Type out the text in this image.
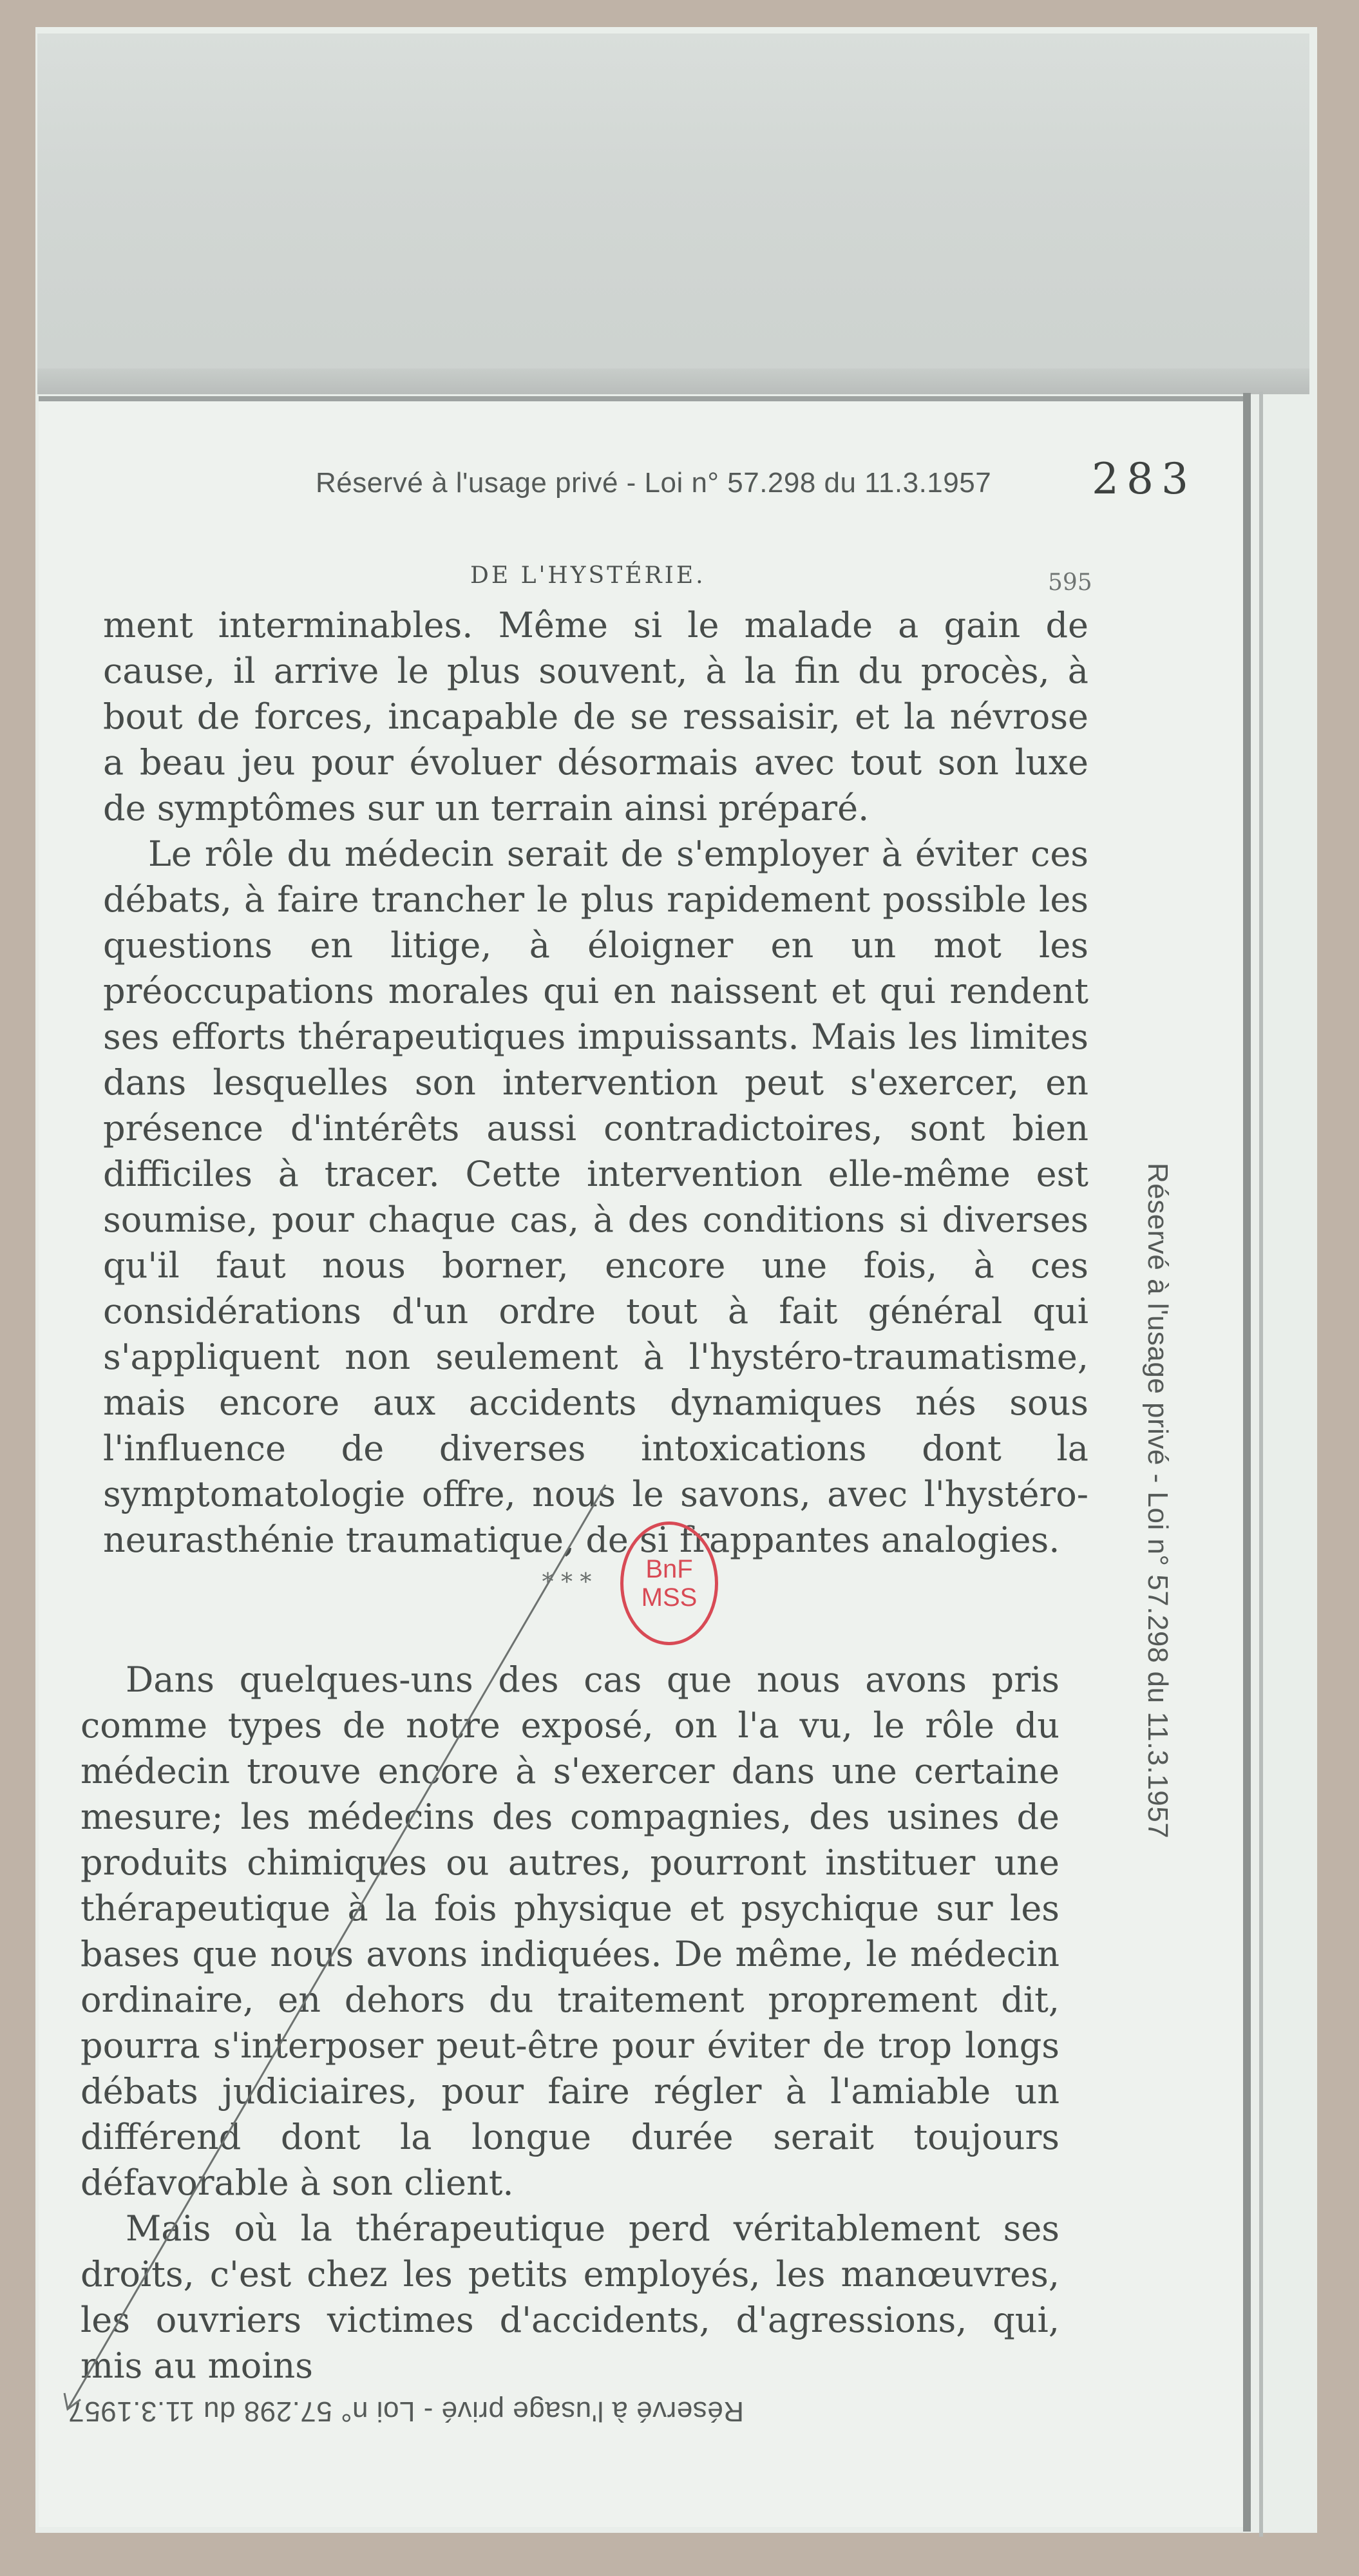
Réservé à l'usage privé - Loi n° 57.298 du 11.3.1957 283
DE L'HYSTÉRIE.	595

ment interminables. Même si le malade a gain de cause, il arrive le plus souvent, à la fin du procès, à bout de forces, incapable de se ressaisir, et la névrose a beau jeu pour évoluer désormais avec tout son luxe de symptômes sur un terrain ainsi préparé.

Le rôle du médecin serait de s'employer à éviter ces débats, à faire trancher le plus rapidement possible les questions en litige, à éloigner en un mot les préoccupations morales qui en naissent et qui rendent ses efforts thérapeutiques impuissants. Mais les limites dans lesquelles son intervention peut s'exercer, en présence d'intérêts aussi contradictoires, sont bien difficiles à tracer. Cette intervention elle-même est soumise, pour chaque cas, à des conditions si diverses qu'il faut nous borner, encore une fois, à ces considérations d'un ordre tout à fait général qui s'appliquent non seulement à l'hystéro-traumatisme, mais encore aux accidents dynamiques nés sous l'influence de diverses intoxications dont la symptomatologie offre, nous le savons, avec l'hystéro-neurasthénie traumatique, de si frappantes analogies.

* * *	BnF
MSS

Dans quelques-uns des cas que nous avons pris comme types de notre exposé, on l'a vu, le rôle du médecin trouve encore à s'exercer dans une certaine mesure; les médecins des compagnies, des usines de produits chimiques ou autres, pourront instituer une thérapeutique à la fois physique et psychique sur les bases que nous avons indiquées. De même, le médecin ordinaire, en dehors du traitement proprement dit, pourra s'interposer peut-être pour éviter de trop longs débats judiciaires, pour faire régler à l'amiable un différend dont la longue durée serait toujours défavorable à son client.

Mais où la thérapeutique perd véritablement ses droits, c'est chez les petits employés, les manœuvres, les ouvriers victimes d'accidents, d'agressions, qui, mis au moins

Réservé à l'usage privé - Loi n° 57.298 du 11.3.1957
Réservé à l'usage privé - Loi n° 57.298 du 11.3.1957
